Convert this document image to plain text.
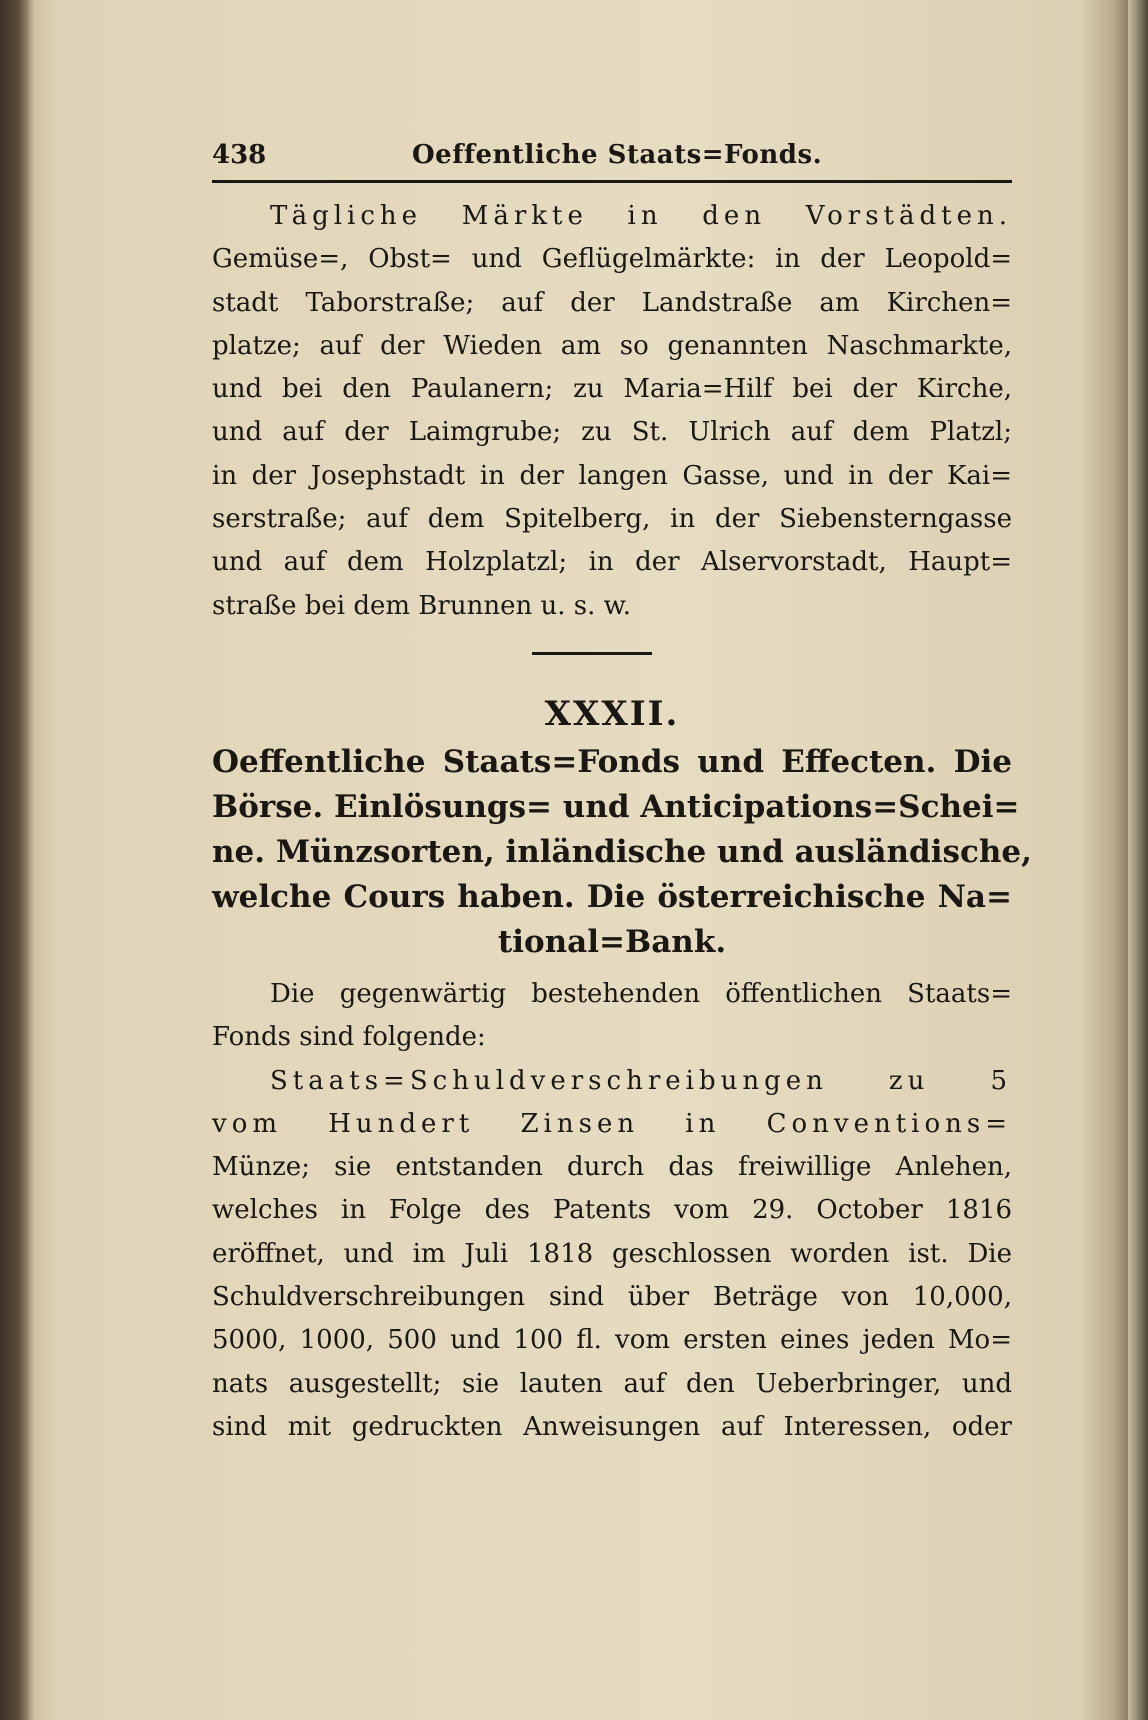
438	Oeffentliche Staats=Fonds.
Tägliche Märkte in den Vorstädten.
Gemüse=, Obst= und Geflügelmärkte: in der Leopold=
stadt Taborstraße; auf der Landstraße am Kirchen=
platze; auf der Wieden am so genannten Naschmarkte,
und bei den Paulanern; zu Maria=Hilf bei der Kirche,
und auf der Laimgrube; zu St. Ulrich auf dem Platzl;
in der Josephstadt in der langen Gasse, und in der Kai=
serstraße; auf dem Spitelberg, in der Siebensterngasse
und auf dem Holzplatzl; in der Alservorstadt, Haupt=
straße bei dem Brunnen u. s. w.
XXXII.
Oeffentliche Staats=Fonds und Effecten. Die
Börse. Einlösungs= und Anticipations=Schei=
ne. Münzsorten, inländische und ausländische,
welche Cours haben. Die österreichische Na=
tional=Bank.
Die gegenwärtig bestehenden öffentlichen Staats=
Fonds sind folgende:
Staats=Schuldverschreibungen zu 5
vom Hundert Zinsen in Conventions=
Münze; sie entstanden durch das freiwillige Anlehen,
welches in Folge des Patents vom 29. October 1816
eröffnet, und im Juli 1818 geschlossen worden ist. Die
Schuldverschreibungen sind über Beträge von 10,000,
5000, 1000, 500 und 100 fl. vom ersten eines jeden Mo=
nats ausgestellt; sie lauten auf den Ueberbringer, und
sind mit gedruckten Anweisungen auf Interessen, oder
